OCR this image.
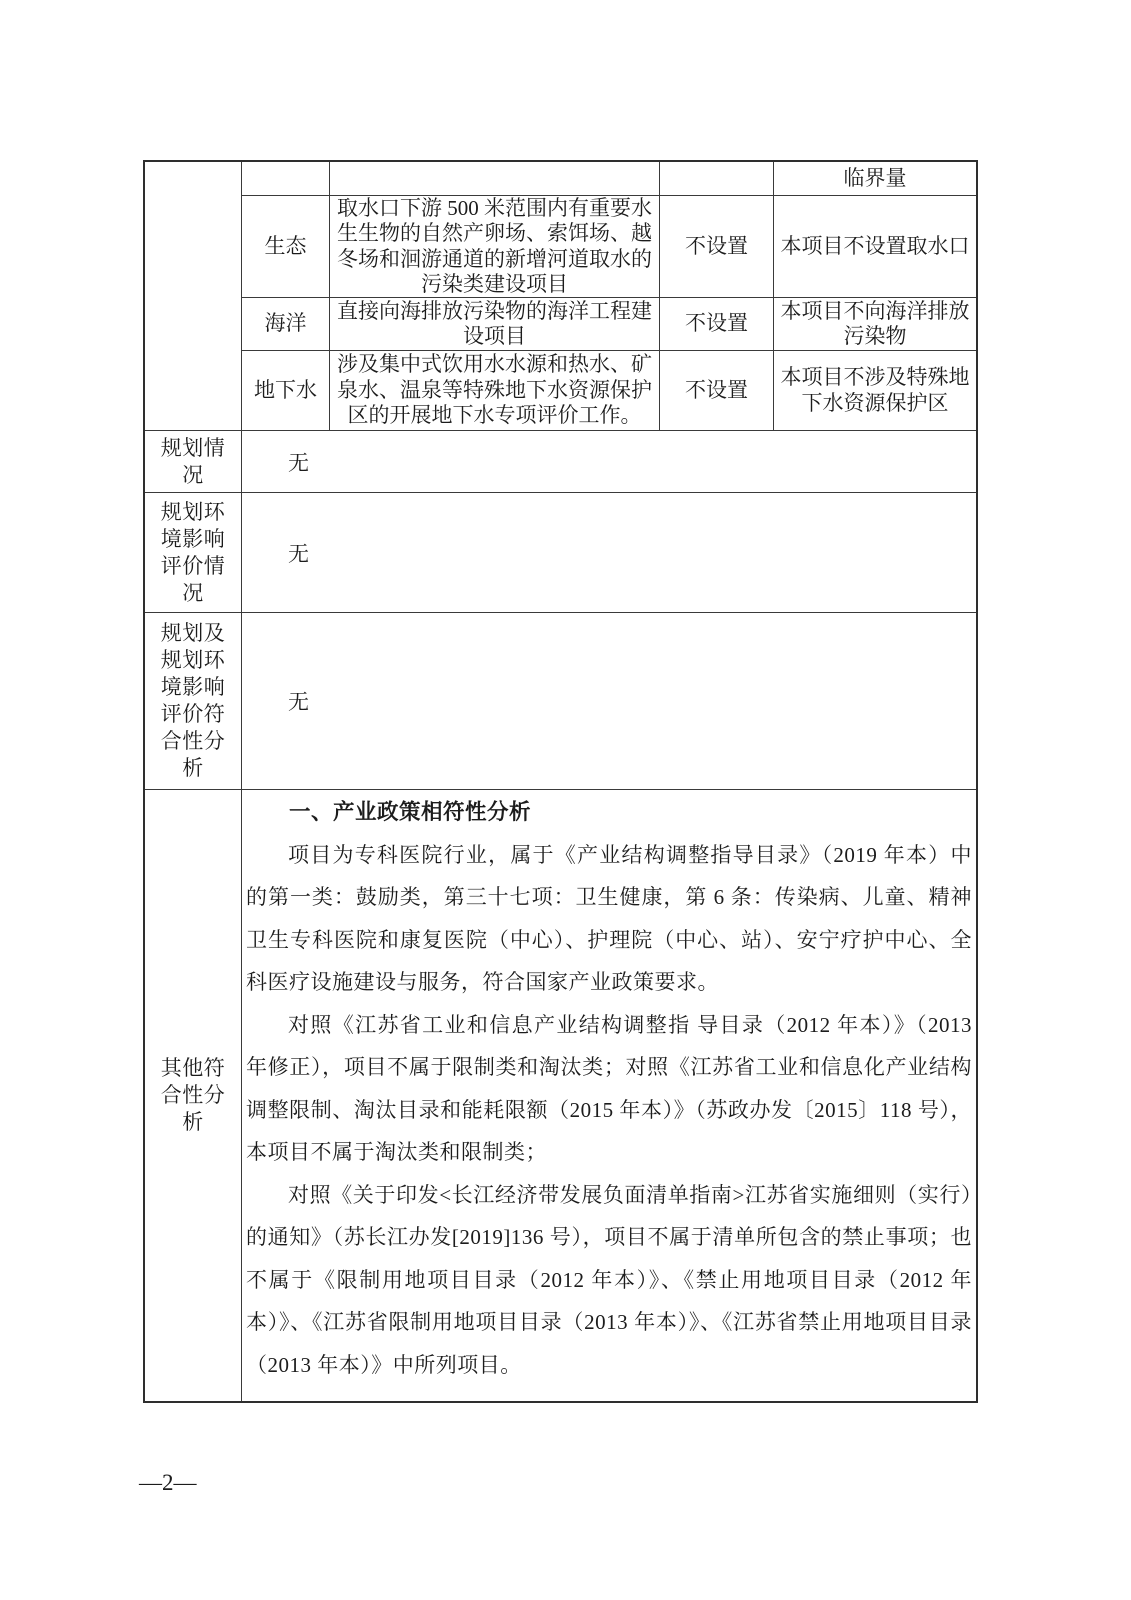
临界量
生态
取水口下游 500 米范围内有重要水生生物的自然产卵场、索饵场、越冬场和洄游通道的新增河道取水的污染类建设项目
不设置	本项目不设置取水口
海洋
直接向海排放污染物的海洋工程建设项目
不设置
本项目不向海洋排放污染物
地下水
涉及集中式饮用水水源和热水、矿泉水、温泉等特殊地下水资源保护区的开展地下水专项评价工作。
不设置
本项目不涉及特殊地下水资源保护区
规划情况	无
规划环境影响评价情况
无
规划及规划环境影响评价符合性分析
无
其他符合性分析
一、产业政策相符性分析

项目为专科医院行业，属于《产业结构调整指导目录》（2019 年本）中的第一类：鼓励类，第三十七项：卫生健康，第 6 条：传染病、儿童、精神卫生专科医院和康复医院（中心）、护理院（中心、站）、安宁疗护中心、全科医疗设施建设与服务，符合国家产业政策要求。

对照《江苏省工业和信息产业结构调整指 导目录（2012 年本）》（2013 年修正），项目不属于限制类和淘汰类；对照《江苏省工业和信息化产业结构调整限制、淘汰目录和能耗限额（2015 年本）》（苏政办发〔2015〕118 号），本项目不属于淘汰类和限制类；

对照《关于印发<长江经济带发展负面清单指南>江苏省实施细则（实行）的通知》（苏长江办发[2019]136 号），项目不属于清单所包含的禁止事项；也不属于《限制用地项目目录（2012 年本）》、《禁止用地项目目录（2012 年本）》、《江苏省限制用地项目目录（2013 年本）》、《江苏省禁止用地项目目录（2013 年本）》中所列项目。

—2—
